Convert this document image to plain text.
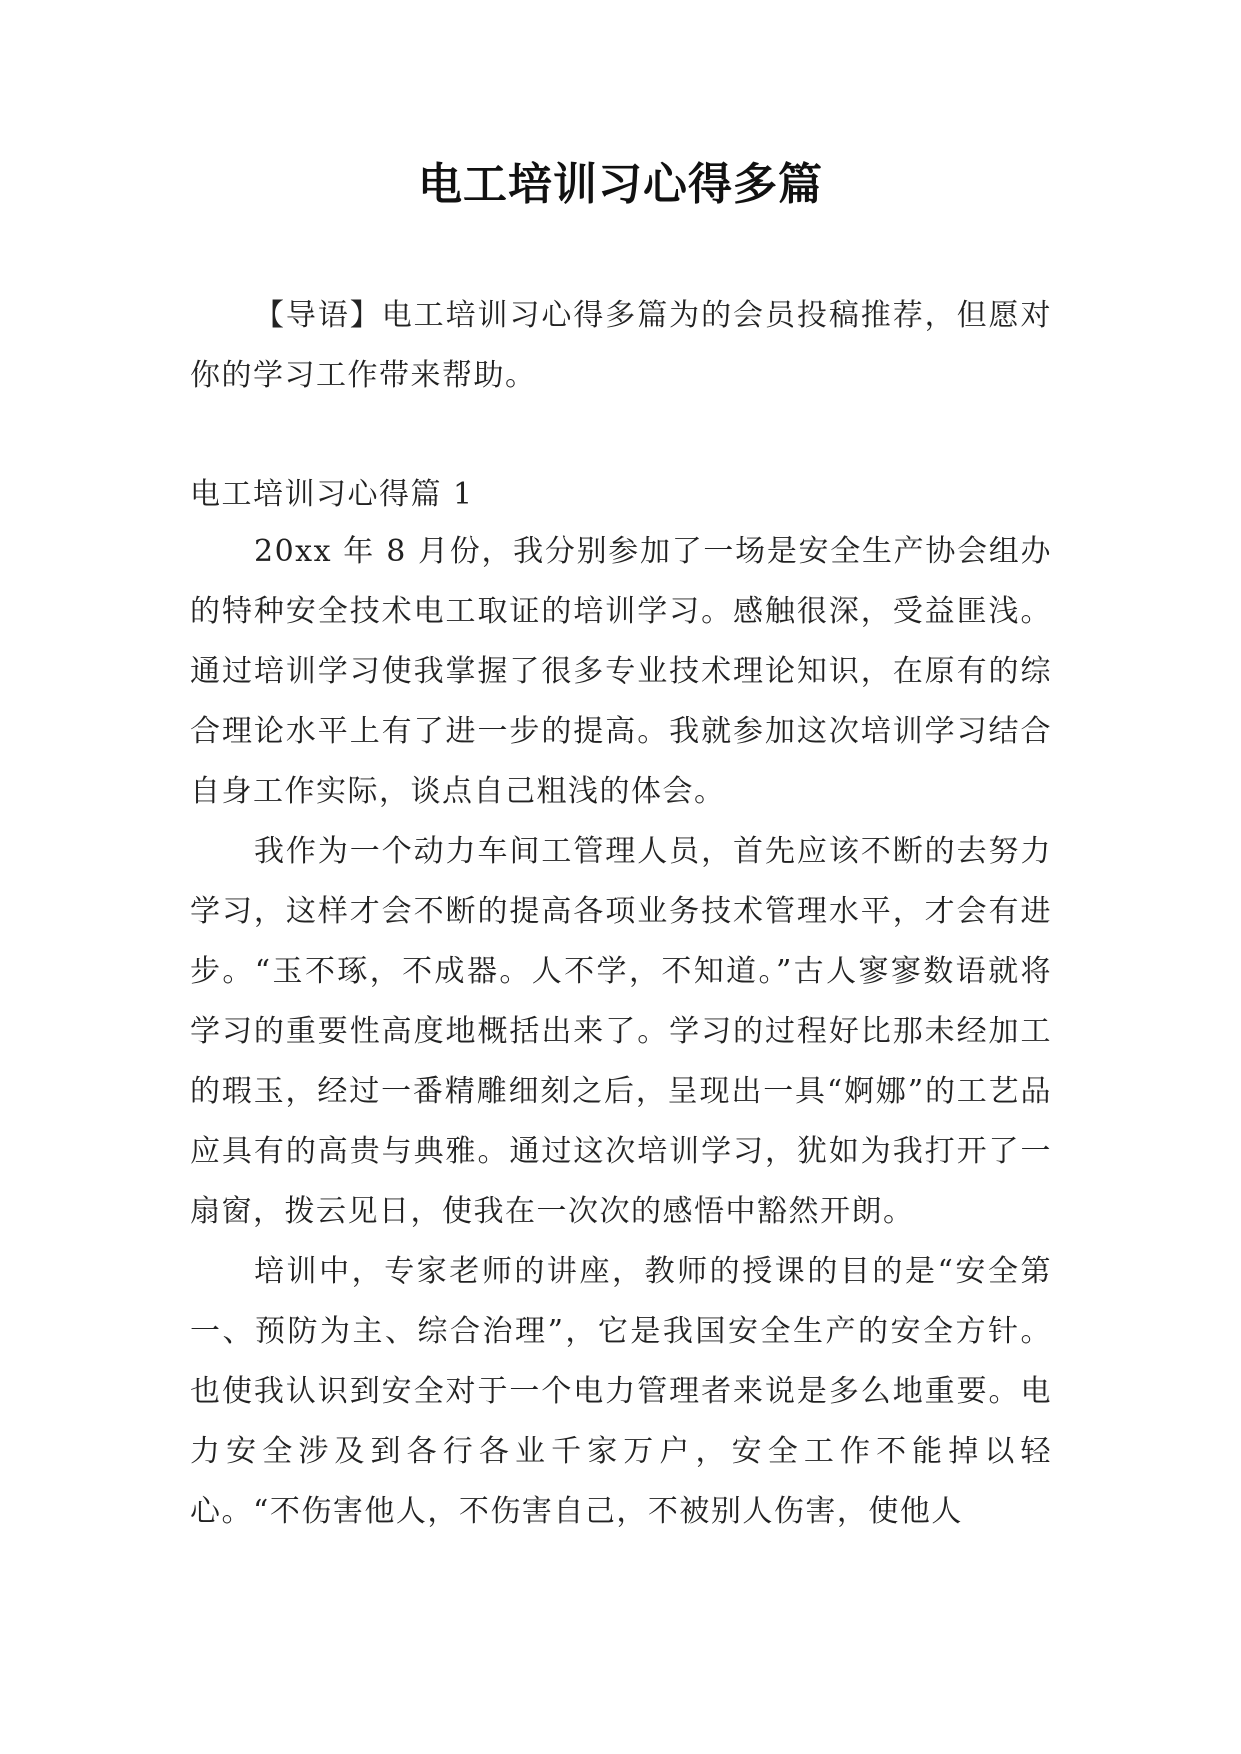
电工培训习心得多篇

【导语】电工培训习心得多篇为的会员投稿推荐，但愿对你的学习工作带来帮助。

电工培训习心得篇 1

20xx 年 8 月份，我分别参加了一场是安全生产协会组办的特种安全技术电工取证的培训学习。感触很深，受益匪浅。通过培训学习使我掌握了很多专业技术理论知识，在原有的综合理论水平上有了进一步的提高。我就参加这次培训学习结合自身工作实际，谈点自己粗浅的体会。

我作为一个动力车间工管理人员，首先应该不断的去努力学习，这样才会不断的提高各项业务技术管理水平，才会有进步。“玉不琢，不成器。人不学，不知道。”古人寥寥数语就将学习的重要性高度地概括出来了。学习的过程好比那未经加工的瑕玉，经过一番精雕细刻之后，呈现出一具“婀娜”的工艺品应具有的高贵与典雅。通过这次培训学习，犹如为我打开了一扇窗，拨云见日，使我在一次次的感悟中豁然开朗。

培训中，专家老师的讲座，教师的授课的目的是“安全第一、预防为主、综合治理”，它是我国安全生产的安全方针。也使我认识到安全对于一个电力管理者来说是多么地重要。电力安全涉及到各行各业千家万户，安全工作不能掉以轻心。“不伤害他人，不伤害自己，不被别人伤害，使他人
